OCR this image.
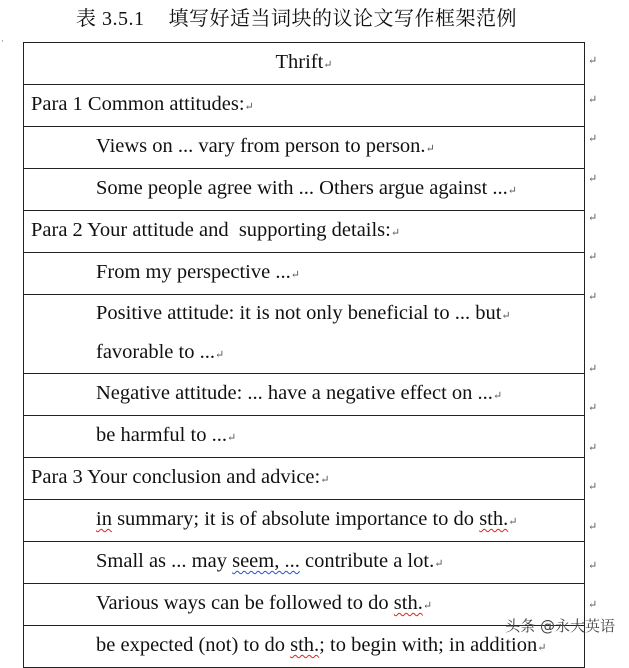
表 3.5.1 填写好适当词块的议论文写作框架范例
·
Thrift↵
Para 1 Common attitudes:↵
Views on ... vary from person to person.↵
Some people agree with ... Others argue against ...↵
Para 2 Your attitude and  supporting details:↵
From my perspective ...↵

Positive attitude: it is not only beneficial to ... but↵
favorable to ...↵

Negative attitude: ... have a negative effect on ...↵
be harmful to ...↵
Para 3 Your conclusion and advice:↵
in summary; it is of absolute importance to do sth.↵
Small as ... may seem, ... contribute a lot.↵
Various ways can be followed to do sth.↵
be expected (not) to do sth.; to begin with; in addition↵
↵
↵
↵
↵
↵
↵
↵
↵
↵
↵
↵
↵
↵
↵
头条 @永大英语
